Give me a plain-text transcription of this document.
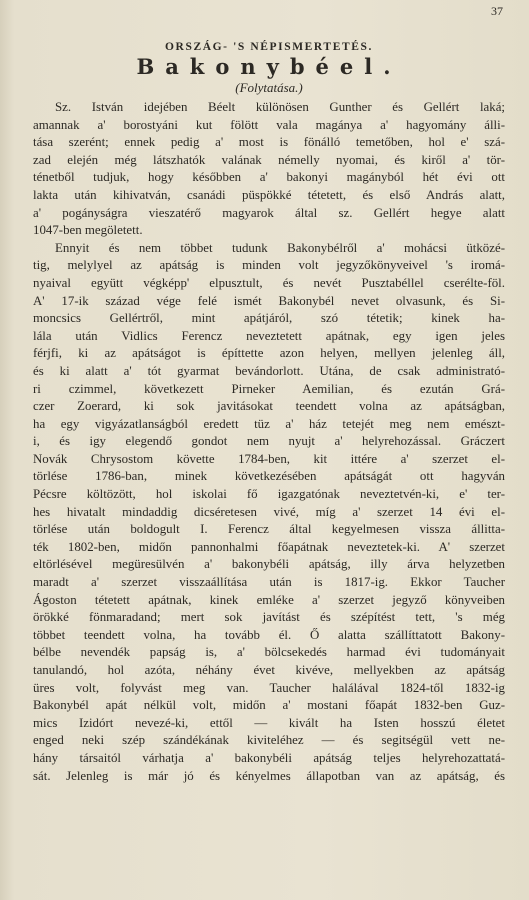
37
ORSZÁG- 'S NÉPISMERTETÉS.
Bakonybéel.
(Folytatása.)
Sz. István idejében Béelt különösen Gunther és Gellért laká;
amannak a' borostyáni kut fölött vala magánya a' hagyomány álli-
tása szerént; ennek pedig a' most is fönálló temetőben, hol e' szá-
zad elején még látszhatók valának némelly nyomai, és kiről a' tör-
ténetből tudjuk, hogy későbben a' bakonyi magányból hét évi ott
lakta után kihivatván, csanádi püspökké tétetett, és első András alatt,
a' pogányságra vieszatérő magyarok által sz. Gellért hegye alatt
1047-ben megöletett.
Ennyit és nem többet tudunk Bakonybélről a' mohácsi ütközé-
tig, melylyel az apátság is minden volt jegyzőkönyveivel 's iromá-
nyaival együtt végképp' elpusztult, és nevét Pusztabéllel cserélte-föl.
A' 17-ik század vége felé ismét Bakonybél nevet olvasunk, és Si-
moncsics Gellértről, mint apátjáról, szó tétetik; kinek ha-
lála után Vidlics Ferencz neveztetett apátnak, egy igen jeles
férjfi, ki az apátságot is építtette azon helyen, mellyen jelenleg áll,
és ki alatt a' tót gyarmat bevándorlott. Utána, de csak administrató-
ri czimmel, következett Pirneker Aemilian, és ezután Grá-
czer Zoerard, ki sok javitásokat teendett volna az apátságban,
ha egy vigyázatlanságból eredett tüz a' ház tetejét meg nem emészt-
i, és igy elegendő gondot nem nyujt a' helyrehozással. Gráczert
Novák Chrysostom követte 1784-ben, kit ittére a' szerzet el-
törlése 1786-ban, minek következésében apátságát ott hagyván
Pécsre költözött, hol iskolai fő igazgatónak neveztetvén-ki, e' ter-
hes hivatalt mindaddig dicséretesen vivé, míg a' szerzet 14 évi el-
törlése után boldogult I. Ferencz által kegyelmesen vissza állitta-
ték 1802-ben, midőn pannonhalmi főapátnak neveztetek-ki. A' szerzet
eltörlésével megüresülvén a' bakonybéli apátság, illy árva helyzetben
maradt a' szerzet visszaállítása után is 1817-ig. Ekkor Taucher
Ágoston tétetett apátnak, kinek emléke a' szerzet jegyző könyveiben
örökké fönmaradand; mert sok javítást és szépítést tett, 's még
többet teendett volna, ha tovább él. Ő alatta szállíttatott Bakony-
bélbe nevendék papság is, a' bölcsekedés harmad évi tudományait
tanulandó, hol azóta, néhány évet kivéve, mellyekben az apátság
üres volt, folyvást meg van. Taucher halálával 1824-től 1832-ig
Bakonybél apát nélkül volt, midőn a' mostani főapát 1832-ben Guz-
mics Izidórt nevezé-ki, ettől — kivált ha Isten hosszú életet
enged neki szép szándékának kiviteléhez — és segitségül vett ne-
hány társaitól várhatja a' bakonybéli apátság teljes helyrehozattatá-
sát. Jelenleg is már jó és kényelmes állapotban van az apátság, és
